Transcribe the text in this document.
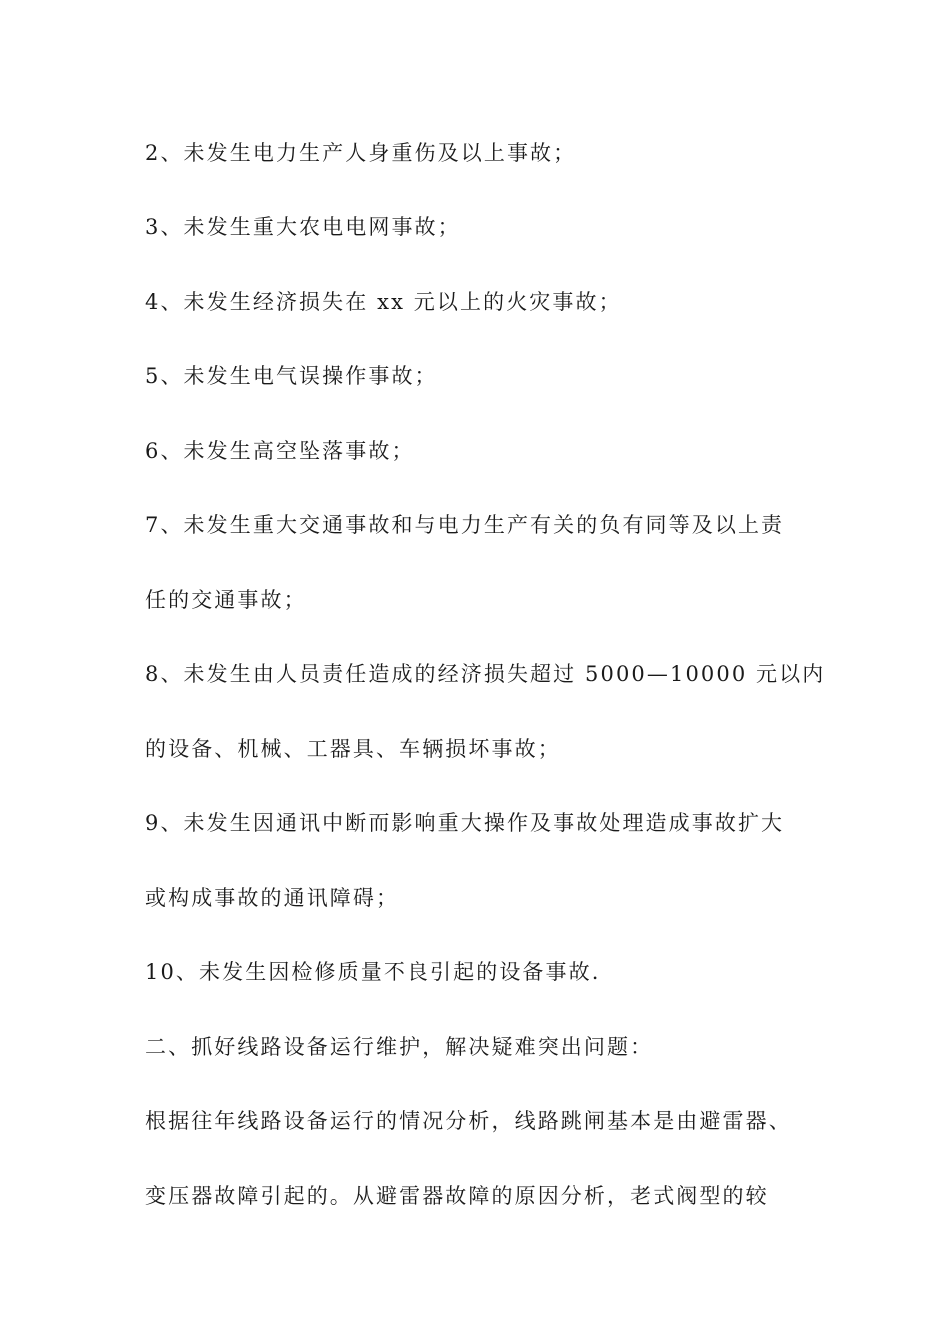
2、未发生电力生产人身重伤及以上事故；
3、未发生重大农电电网事故；
4、未发生经济损失在 xx 元以上的火灾事故；
5、未发生电气误操作事故；
6、未发生高空坠落事故；
7、未发生重大交通事故和与电力生产有关的负有同等及以上责
任的交通事故；
8、未发生由人员责任造成的经济损失超过 5000—10000 元以内
的设备、机械、工器具、车辆损坏事故；
9、未发生因通讯中断而影响重大操作及事故处理造成事故扩大
或构成事故的通讯障碍；
10、未发生因检修质量不良引起的设备事故.
二、抓好线路设备运行维护，解决疑难突出问题：
根据往年线路设备运行的情况分析，线路跳闸基本是由避雷器、
变压器故障引起的。从避雷器故障的原因分析，老式阀型的较
